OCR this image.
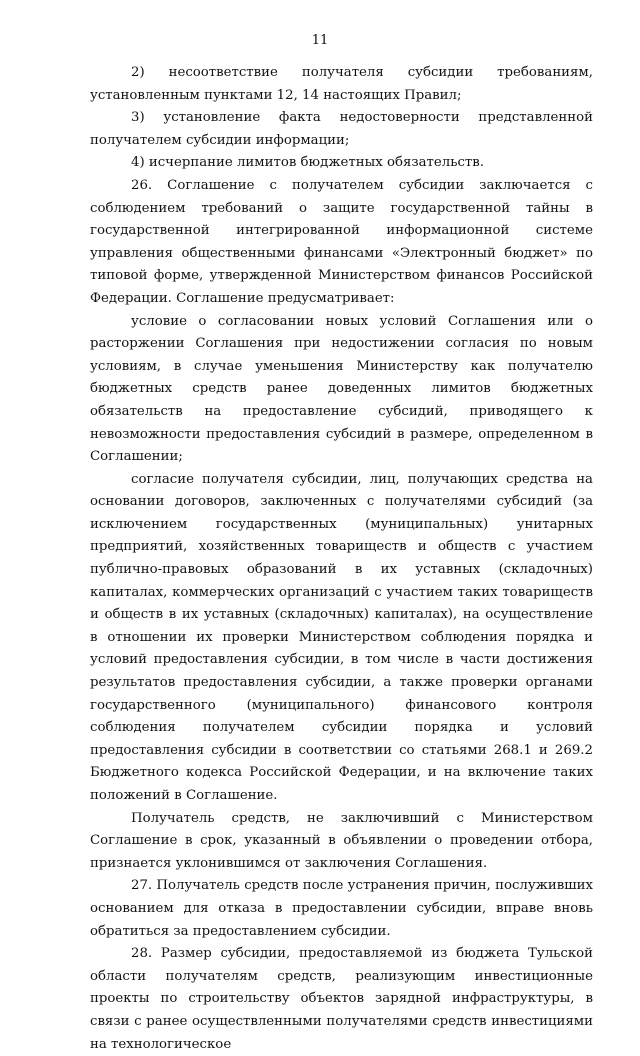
11

2) несоответствие получателя субсидии требованиям, установленным пунктами 12, 14 настоящих Правил;

3) установление факта недостоверности представленной получателем субсидии информации;

4) исчерпание лимитов бюджетных обязательств.

26. Соглашение с получателем субсидии заключается с соблюдением требований о защите государственной тайны в государственной интегрированной информационной системе управления общественными финансами «Электронный бюджет» по типовой форме, утвержденной Министерством финансов Российской Федерации. Соглашение предусматривает:

условие о согласовании новых условий Соглашения или о расторжении Соглашения при недостижении согласия по новым условиям, в случае уменьшения Министерству как получателю бюджетных средств ранее доведенных лимитов бюджетных обязательств на предоставление субсидий, приводящего к невозможности предоставления субсидий в размере, определенном в Соглашении;

согласие получателя субсидии, лиц, получающих средства на основании договоров, заключенных с получателями субсидий (за исключением государственных (муниципальных) унитарных предприятий, хозяйственных товариществ и обществ с участием публично-правовых образований в их уставных (складочных) капиталах, коммерческих организаций с участием таких товариществ и обществ в их уставных (складочных) капиталах), на осуществление в отношении их проверки Министерством соблюдения порядка и условий предоставления субсидии, в том числе в части достижения результатов предоставления субсидии, а также проверки органами государственного (муниципального) финансового контроля соблюдения получателем субсидии порядка и условий предоставления субсидии в соответствии со статьями 268.1 и 269.2 Бюджетного кодекса Российской Федерации, и на включение таких положений в Соглашение.

Получатель средств, не заключивший с Министерством Соглашение в срок, указанный в объявлении о проведении отбора, признается уклонившимся от заключения Соглашения.

27. Получатель средств после устранения причин, послуживших основанием для отказа в предоставлении субсидии, вправе вновь обратиться за предоставлением субсидии.

28. Размер субсидии, предоставляемой из бюджета Тульской области получателям средств, реализующим инвестиционные проекты по строительству объектов зарядной инфраструктуры, в связи с ранее осуществленными получателями средств инвестициями на технологическое
